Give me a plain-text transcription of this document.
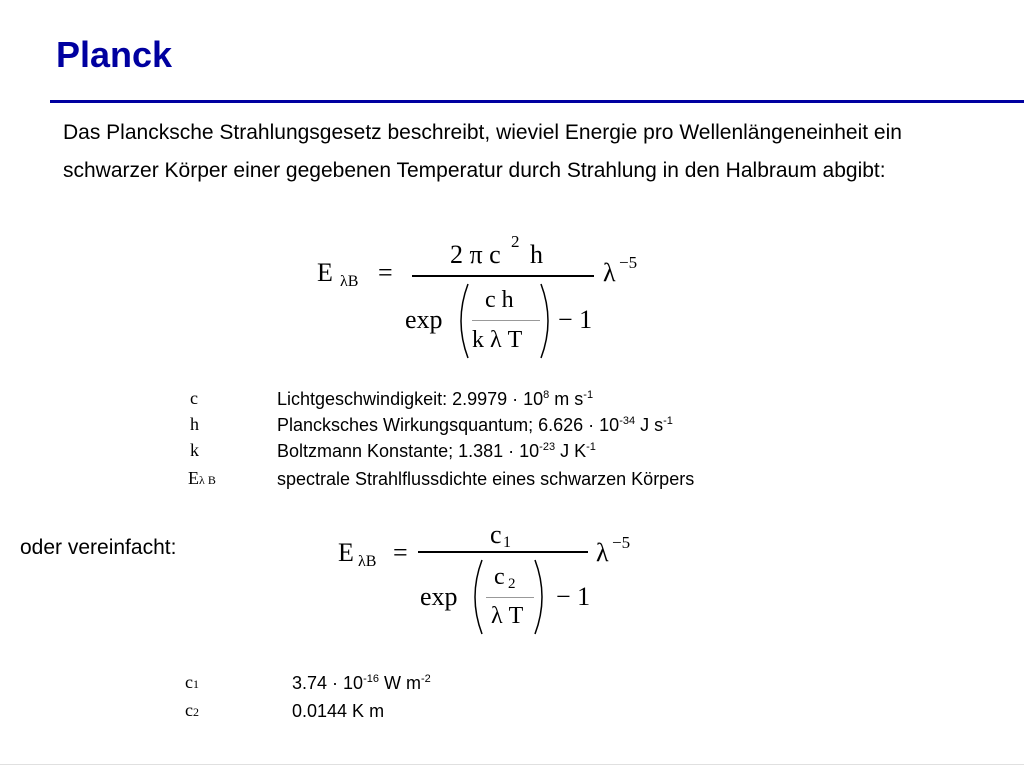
Planck

Das Plancksche Strahlungsgesetz beschreibt, wieviel Energie pro Wellenlängeneinheit ein schwarzer Körper einer gegebenen Temperatur durch Strahlung in den Halbraum abgibt:

E λB =
2 π c 2 h
λ −5
exp
c h
k λ T
− 1
c	Lichtgeschwindigkeit: $2.9979 \cdot 10^8$ m $s^{-1}$
h	Plancksches Wirkungsquantum; $6.626 \cdot 10^{-34}$ J $s^{-1}$
k	Boltzmann Konstante; $1.381 \cdot 10^{-23}$ J $K^{-1}$
Eλ B	spectrale Strahlflussdichte eines schwarzen Körpers
oder vereinfacht:	E λB =
c 1	λ −5
exp
c 2
λ T
− 1
c1	$3.74 \cdot 10^{-16}$ W $m^{-2}$
c2	0.0144 K m
